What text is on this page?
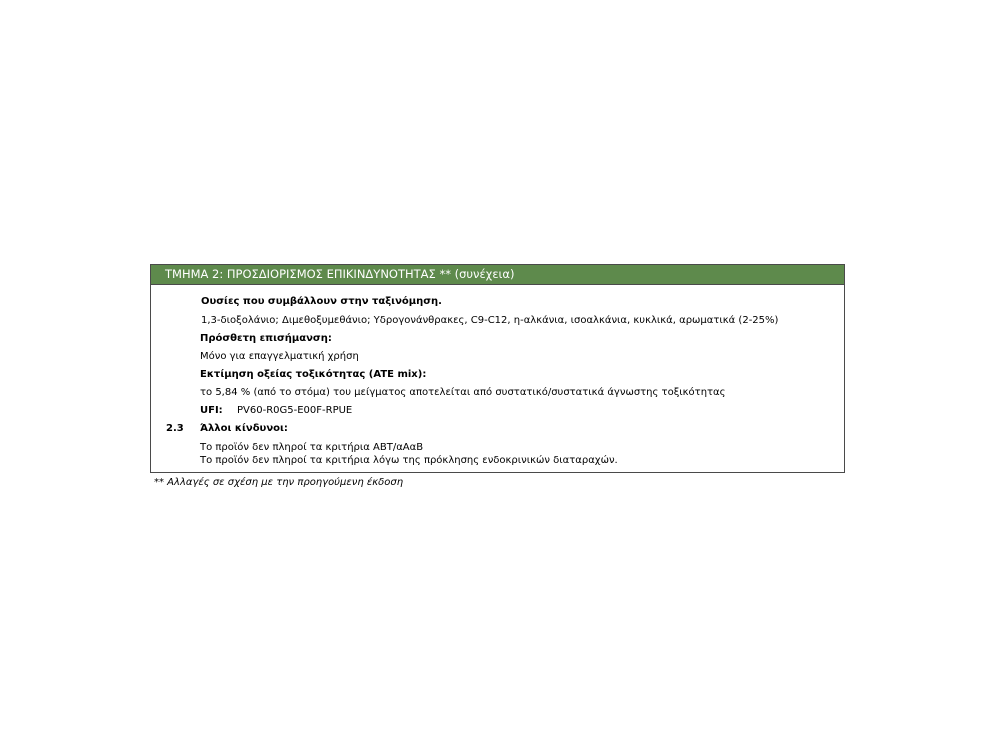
ΤΜΗΜΑ 2: ΠΡΟΣΔΙΟΡΙΣΜΟΣ ΕΠΙΚΙΝΔΥΝΟΤΗΤΑΣ ** (συνέχεια)
Ουσίες που συμβάλλουν στην ταξινόμηση.
1,3-διοξολάνιο; Διμεθοξυμεθάνιο; Υδρογονάνθρακες, C9-C12, η-αλκάνια, ισοαλκάνια, κυκλικά, αρωματικά (2-25%)
Πρόσθετη επισήμανση:
Μόνο για επαγγελματική χρήση
Εκτίμηση οξείας τοξικότητας (ATE mix):
το 5,84 % (από το στόμα) του μείγματος αποτελείται από συστατικό/συστατικά άγνωστης τοξικότητας
UFI: PV60-R0G5-E00F-RPUE
2.3 Άλλοι κίνδυνοι:
Το προϊόν δεν πληροί τα κριτήρια ΑΒΤ/αΑαΒ
Το προϊόν δεν πληροί τα κριτήρια λόγω της πρόκλησης ενδοκρινικών διαταραχών.
** Αλλαγές σε σχέση με την προηγούμενη έκδοση
